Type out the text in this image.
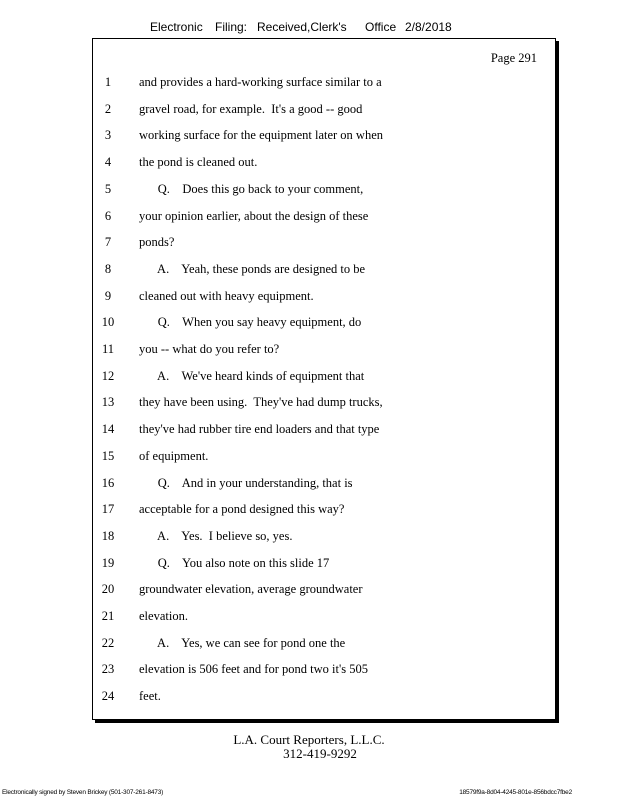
Electronic Filing: Received,Clerk's Office 2/8/2018
Page 291
1	and provides a hard-working surface similar to a
2	gravel road, for example.  It's a good -- good
3	working surface for the equipment later on when
4	the pond is cleaned out.
5	Q.    Does this go back to your comment,
6	your opinion earlier, about the design of these
7	ponds?
8	A.    Yeah, these ponds are designed to be
9	cleaned out with heavy equipment.
10	Q.    When you say heavy equipment, do
11	you -- what do you refer to?
12	A.    We've heard kinds of equipment that
13	they have been using.  They've had dump trucks,
14	they've had rubber tire end loaders and that type
15	of equipment.
16	Q.    And in your understanding, that is
17	acceptable for a pond designed this way?
18	A.    Yes.  I believe so, yes.
19	Q.    You also note on this slide 17
20	groundwater elevation, average groundwater
21	elevation.
22	A.    Yes, we can see for pond one the
23	elevation is 506 feet and for pond two it's 505
24	feet.
L.A. Court Reporters, L.L.C.
312-419-9292
Electronically signed by Steven Brickey (501-307-261-8473)	18579f9a-8d04-4245-801e-856bdcc7fbe2
